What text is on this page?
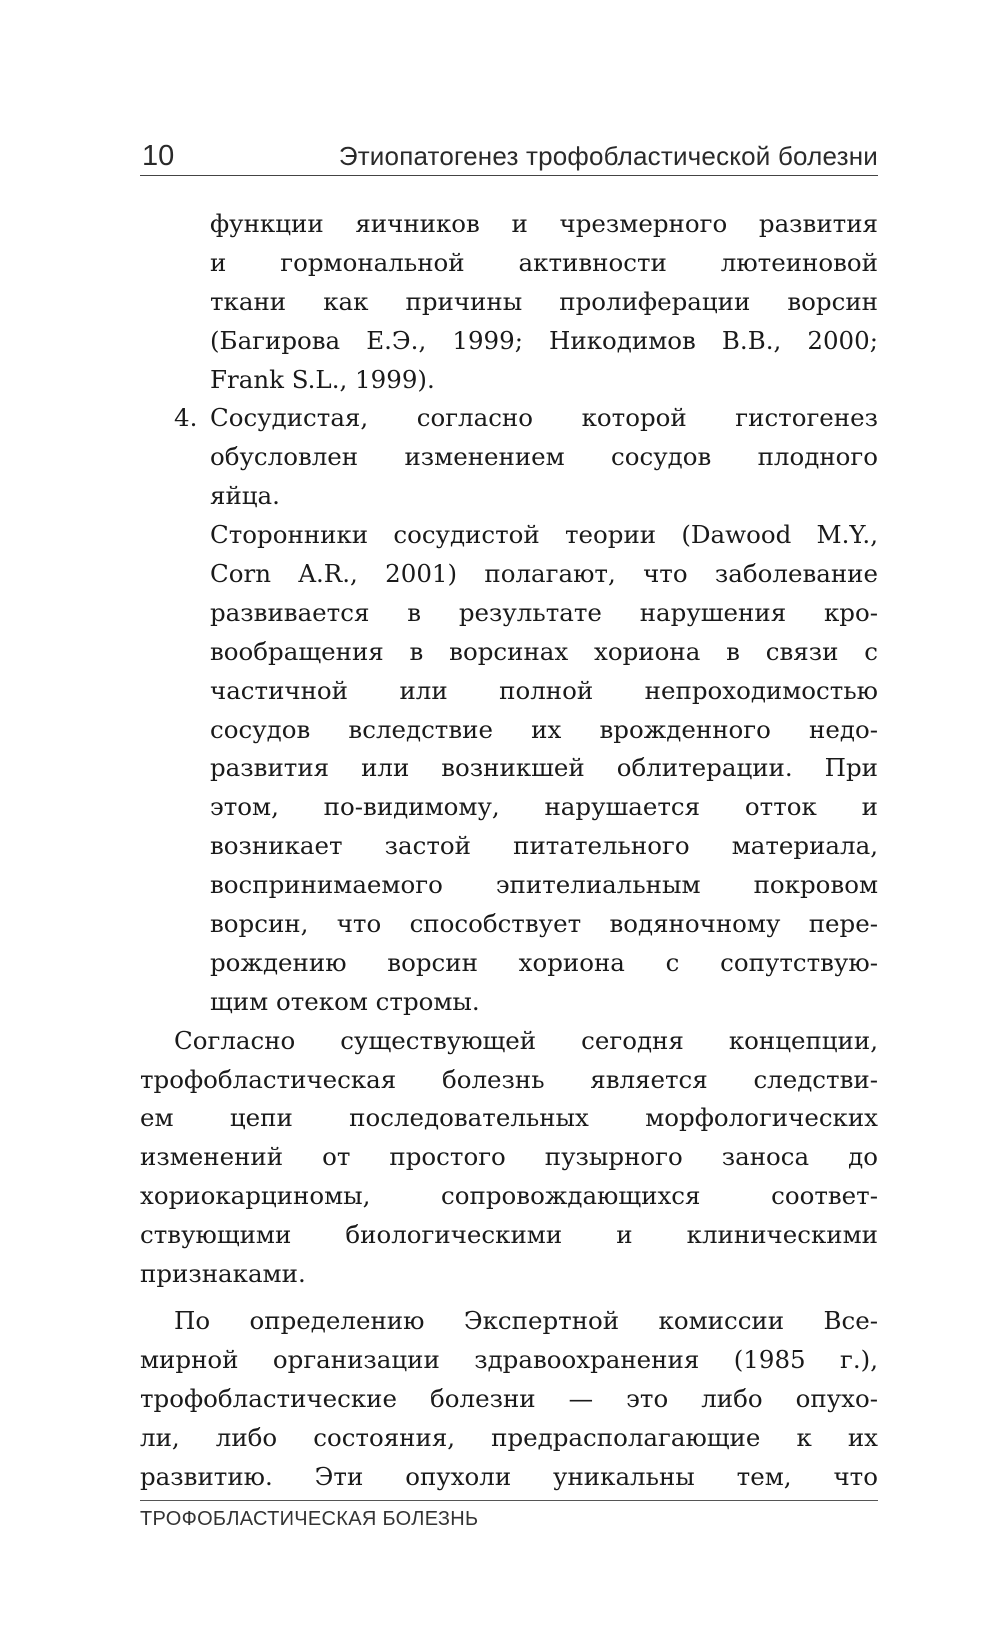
10	Этиопатогенез трофобластической болезни
функции яичников и чрезмерного развития
и гормональной активности лютеиновой
ткани как причины пролиферации ворсин
(Багирова Е.Э., 1999; Никодимов В.В., 2000;
Frank S.L., 1999).
4. Сосудистая, согласно которой гистогенез
обусловлен изменением сосудов плодного
яйца.
Сторонники сосудистой теории (Dawood M.Y.,
Corn A.R., 2001) полагают, что заболевание
развивается в результате нарушения кро-
вообращения в ворсинах хориона в связи с
частичной или полной непроходимостью
сосудов вследствие их врожденного недо-
развития или возникшей облитерации. При
этом, по-видимому, нарушается отток и
возникает застой питательного материала,
воспринимаемого эпителиальным покровом
ворсин, что способствует водяночному пере-
рождению ворсин хориона с сопутствую-
щим отеком стромы.
Согласно существующей сегодня концепции,
трофобластическая болезнь является следстви-
ем цепи последовательных морфологических
изменений от простого пузырного заноса до
хориокарциномы, сопровождающихся соответ-
ствующими биологическими и клиническими
признаками.
По определению Экспертной комиссии Все-
мирной организации здравоохранения (1985 г.),
трофобластические болезни — это либо опухо-
ли, либо состояния, предрасполагающие к их
развитию. Эти опухоли уникальны тем, что
ТРОФОБЛАСТИЧЕСКАЯ БОЛЕЗНЬ
